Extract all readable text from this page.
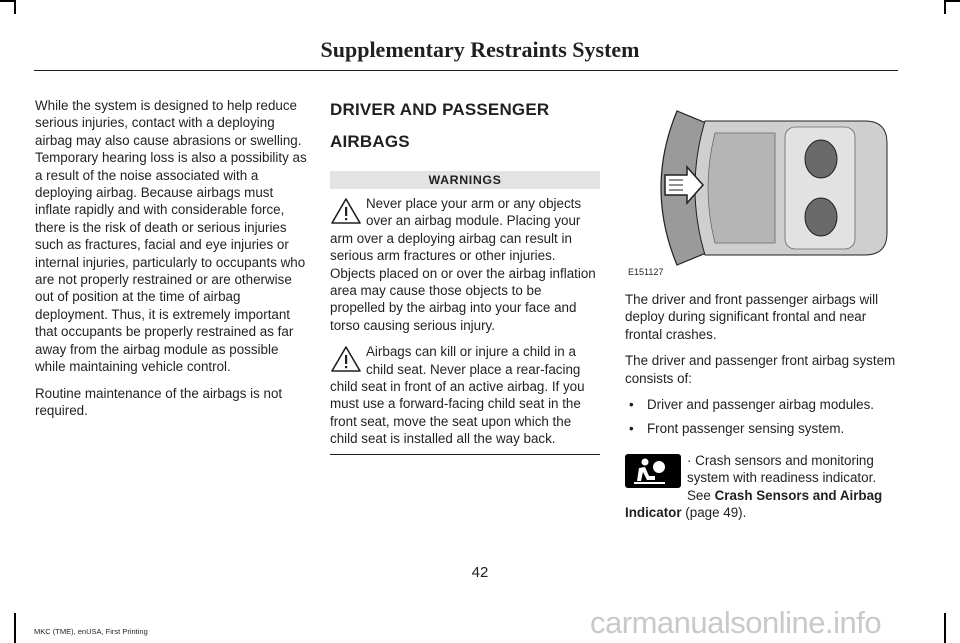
Supplementary Restraints System

While the system is designed to help reduce serious injuries, contact with a deploying airbag may also cause abrasions or swelling. Temporary hearing loss is also a possibility as a result of the noise associated with a deploying airbag. Because airbags must inflate rapidly and with considerable force, there is the risk of death or serious injuries such as fractures, facial and eye injuries or internal injuries, particularly to occupants who are not properly restrained or are otherwise out of position at the time of airbag deployment. Thus, it is extremely important that occupants be properly restrained as far away from the airbag module as possible while maintaining vehicle control.

Routine maintenance of the airbags is not required.

DRIVER AND PASSENGER
AIRBAGS
WARNINGS
Never place your arm or any objects over an airbag module. Placing your arm over a deploying airbag can result in serious arm fractures or other injuries. Objects placed on or over the airbag inflation area may cause those objects to be propelled by the airbag into your face and torso causing serious injury.
Airbags can kill or injure a child in a child seat. Never place a rear-facing child seat in front of an active airbag. If you must use a forward-facing child seat in the front seat, move the seat upon which the child seat is installed all the way back.
E151127

The driver and front passenger airbags will deploy during significant frontal and near frontal crashes.

The driver and passenger front airbag system consists of:

• Driver and passenger airbag modules.

• Front passenger sensing system.

· Crash sensors and monitoring system with readiness indicator. See Crash Sensors and Airbag Indicator (page 49).
42
MKC (TME), enUSA, First Printing	carmanualsonline.info
